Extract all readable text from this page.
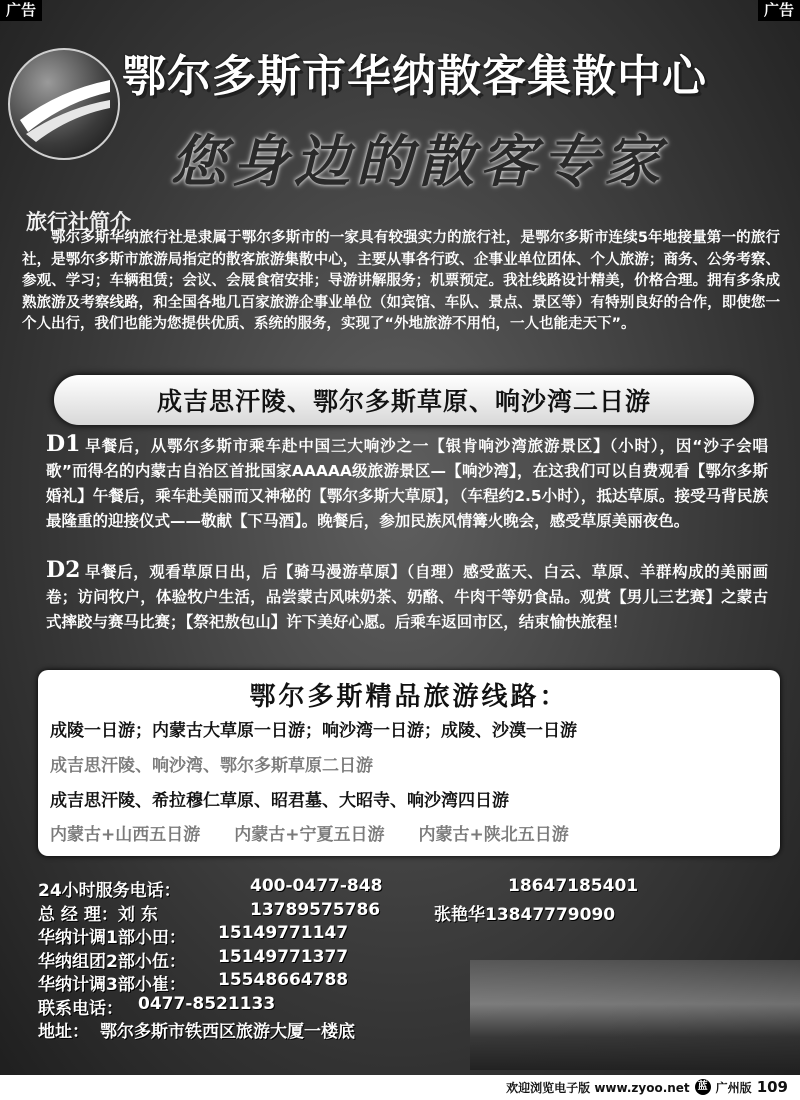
广告	广告
鄂尔多斯市华纳散客集散中心
您身边的散客专家
旅行社简介
鄂尔多斯华纳旅行社是隶属于鄂尔多斯市的一家具有较强实力的旅行社，是鄂尔多斯市连续5年地接量第一的旅行社，是鄂尔多斯市旅游局指定的散客旅游集散中心，主要从事各行政、企事业单位团体、个人旅游；商务、公务考察、参观、学习；车辆租赁；会议、会展食宿安排；导游讲解服务；机票预定。我社线路设计精美，价格合理。拥有多条成熟旅游及考察线路，和全国各地几百家旅游企事业单位（如宾馆、车队、景点、景区等）有特别良好的合作，即使您一个人出行，我们也能为您提供优质、系统的服务，实现了“外地旅游不用怕，一人也能走天下”。
成吉思汗陵、鄂尔多斯草原、响沙湾二日游
D1 早餐后，从鄂尔多斯市乘车赴中国三大响沙之一【银肯响沙湾旅游景区】（小时），因“沙子会唱歌”而得名的内蒙古自治区首批国家AAAAA级旅游景区—【响沙湾】，在这我们可以自费观看【鄂尔多斯婚礼】午餐后，乘车赴美丽而又神秘的【鄂尔多斯大草原】，（车程约2.5小时），抵达草原。接受马背民族最隆重的迎接仪式——敬献【下马酒】。晚餐后，参加民族风情篝火晚会，感受草原美丽夜色。
D2 早餐后，观看草原日出，后【骑马漫游草原】（自理）感受蓝天、白云、草原、羊群构成的美丽画卷；访问牧户，体验牧户生活，品尝蒙古风味奶茶、奶酪、牛肉干等奶食品。观赏【男儿三艺赛】之蒙古式摔跤与赛马比赛；【祭祀敖包山】许下美好心愿。后乘车返回市区，结束愉快旅程！
鄂尔多斯精品旅游线路：
成陵一日游；内蒙古大草原一日游；响沙湾一日游；成陵、沙漠一日游
成吉思汗陵、响沙湾、鄂尔多斯草原二日游
成吉思汗陵、希拉穆仁草原、昭君墓、大昭寺、响沙湾四日游
内蒙古+山西五日游　　内蒙古+宁夏五日游　　内蒙古+陕北五日游
24小时服务电话：	400-0477-848	18647185401
总 经 理：刘 东	13789575786	张艳华13847779090
华纳计调1部小田： 15149771147
华纳组团2部小伍： 15149771377
华纳计调3部小崔： 15548664788
联系电话： 0477-8521133
地址： 鄂尔多斯市铁西区旅游大厦一楼底
欢迎浏览电子版 www.zyoo.net 蓝 广州版 109
